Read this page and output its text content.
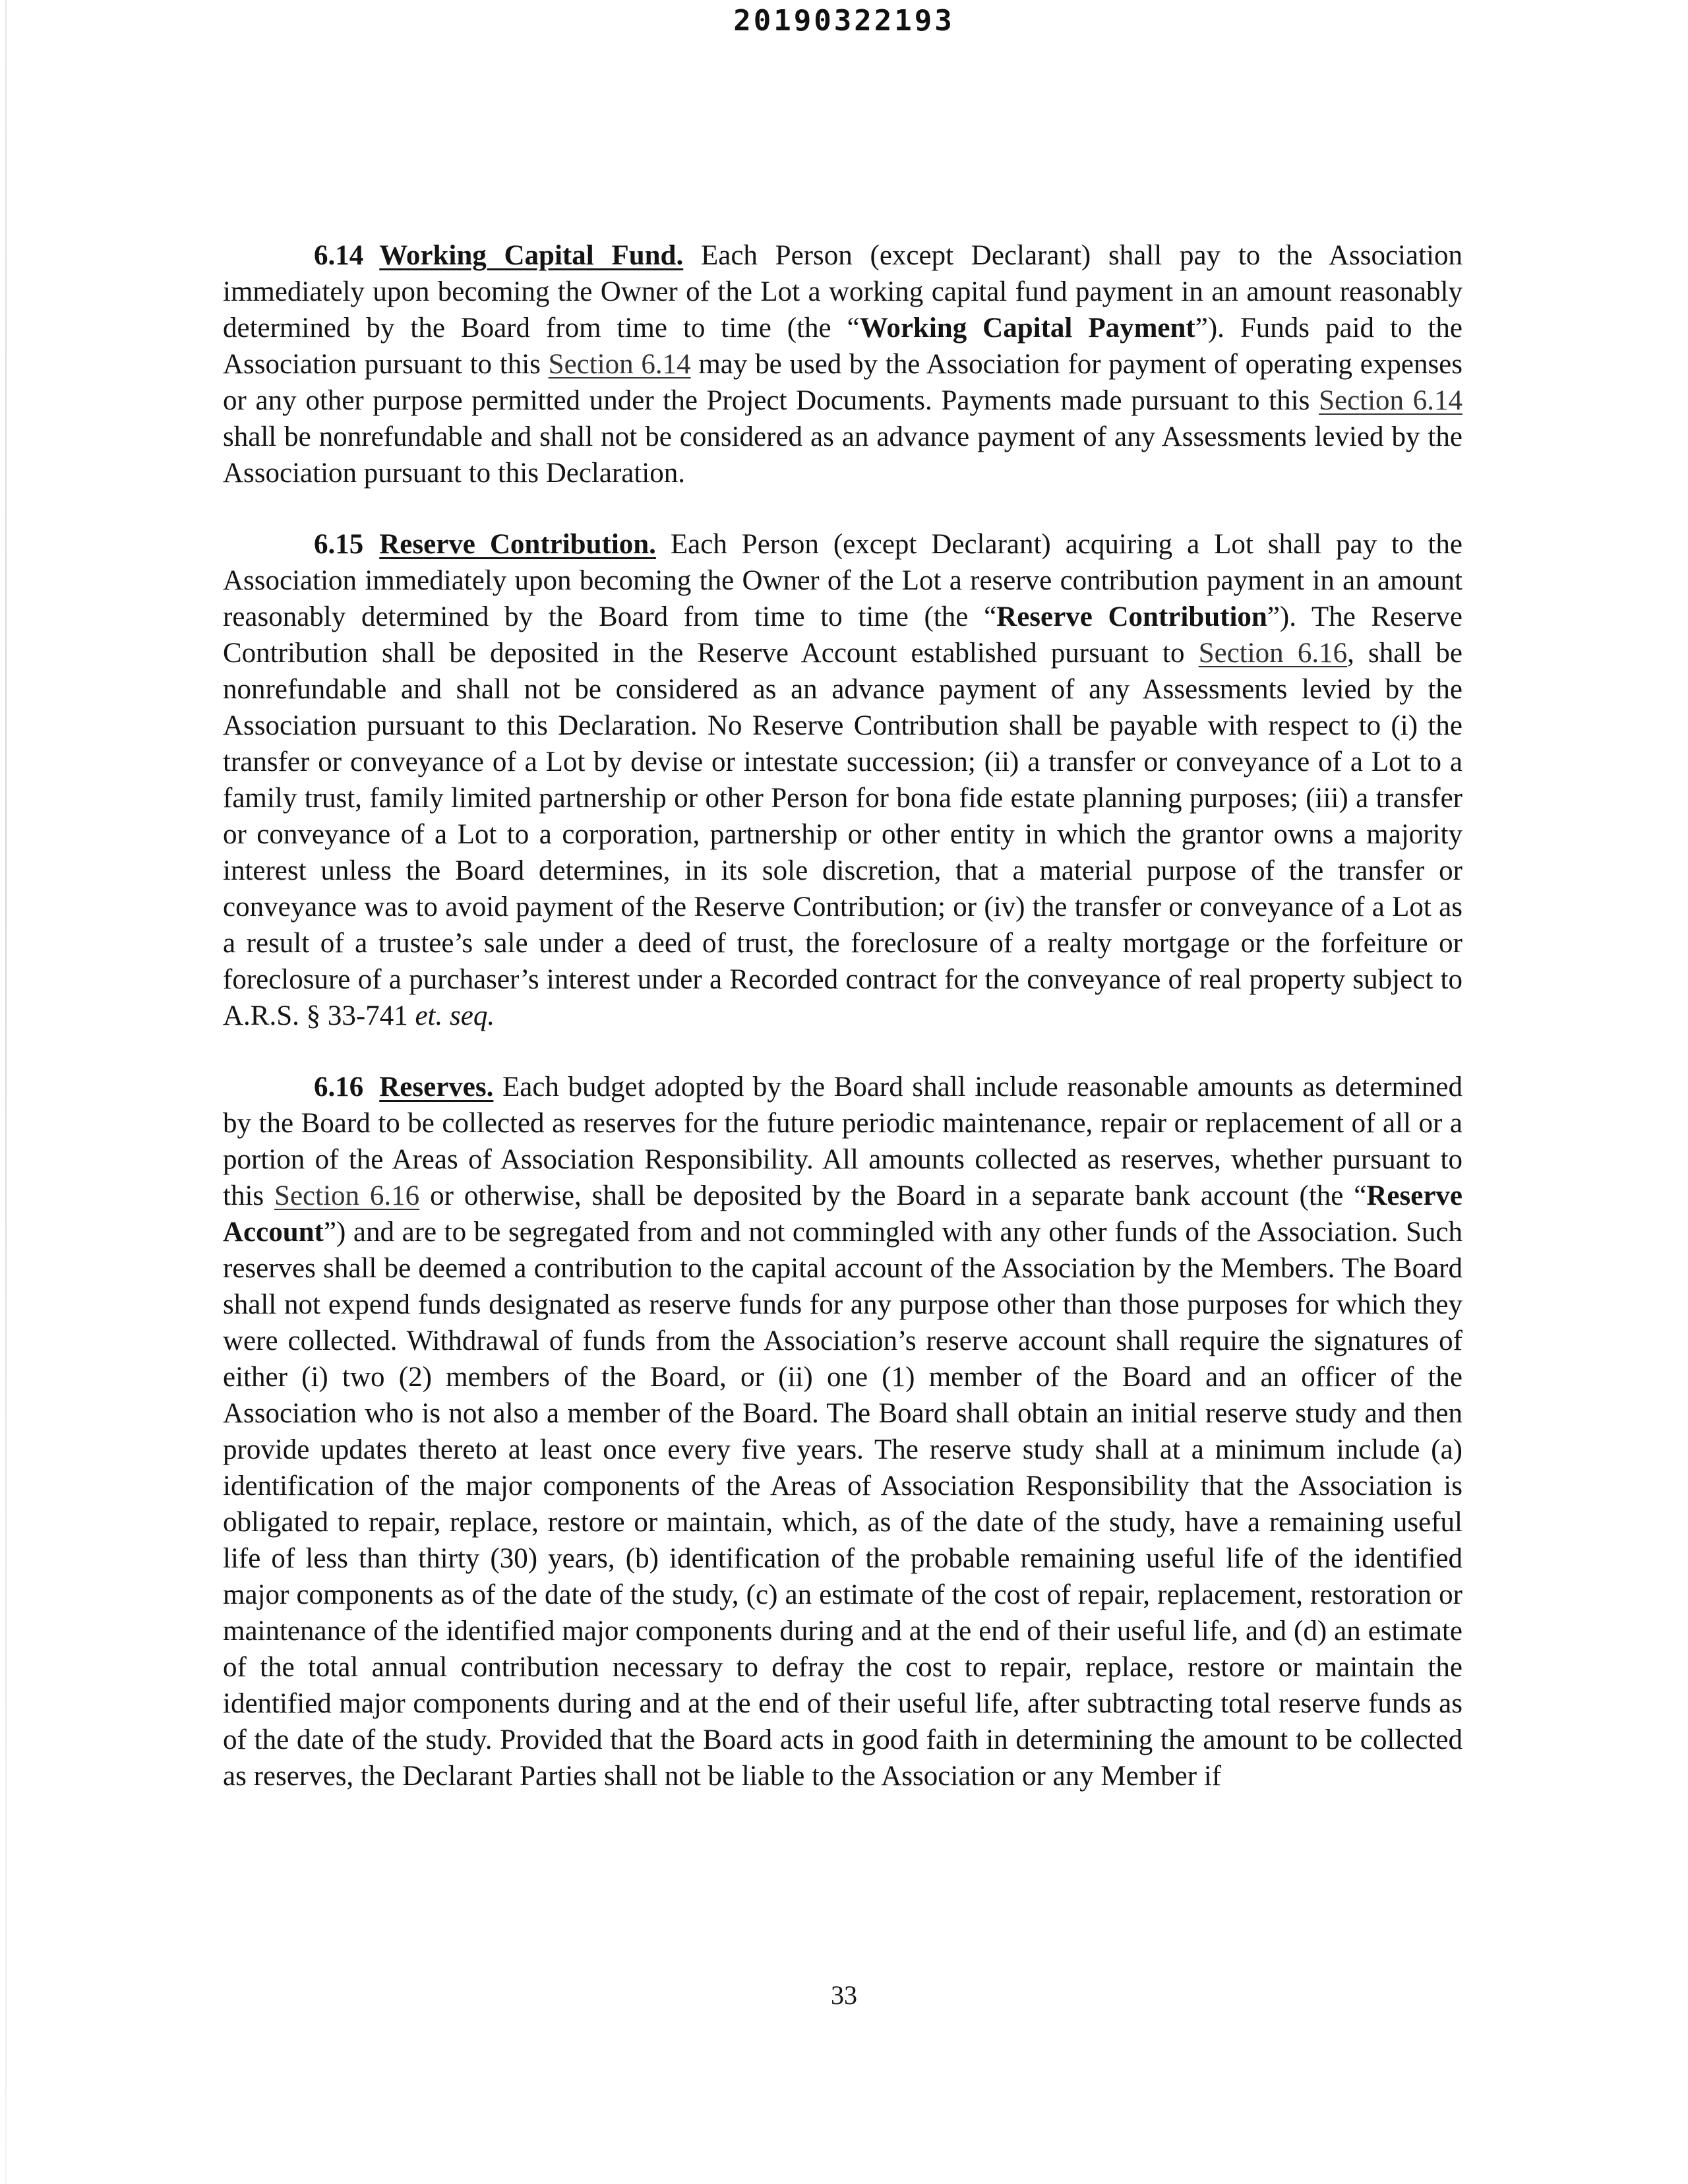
20190322193

6.14 Working Capital Fund. Each Person (except Declarant) shall pay to the Association immediately upon becoming the Owner of the Lot a working capital fund payment in an amount reasonably determined by the Board from time to time (the “Working Capital Payment”). Funds paid to the Association pursuant to this Section 6.14 may be used by the Association for payment of operating expenses or any other purpose permitted under the Project Documents. Payments made pursuant to this Section 6.14 shall be nonrefundable and shall not be considered as an advance payment of any Assessments levied by the Association pursuant to this Declaration.

6.15 Reserve Contribution. Each Person (except Declarant) acquiring a Lot shall pay to the Association immediately upon becoming the Owner of the Lot a reserve contribution payment in an amount reasonably determined by the Board from time to time (the “Reserve Contribution”). The Reserve Contribution shall be deposited in the Reserve Account established pursuant to Section 6.16, shall be nonrefundable and shall not be considered as an advance payment of any Assessments levied by the Association pursuant to this Declaration. No Reserve Contribution shall be payable with respect to (i) the transfer or conveyance of a Lot by devise or intestate succession; (ii) a transfer or conveyance of a Lot to a family trust, family limited partnership or other Person for bona fide estate planning purposes; (iii) a transfer or conveyance of a Lot to a corporation, partnership or other entity in which the grantor owns a majority interest unless the Board determines, in its sole discretion, that a material purpose of the transfer or conveyance was to avoid payment of the Reserve Contribution; or (iv) the transfer or conveyance of a Lot as a result of a trustee’s sale under a deed of trust, the foreclosure of a realty mortgage or the forfeiture or foreclosure of a purchaser’s interest under a Recorded contract for the conveyance of real property subject to A.R.S. § 33-741 et. seq.

6.16 Reserves. Each budget adopted by the Board shall include reasonable amounts as determined by the Board to be collected as reserves for the future periodic maintenance, repair or replacement of all or a portion of the Areas of Association Responsibility. All amounts collected as reserves, whether pursuant to this Section 6.16 or otherwise, shall be deposited by the Board in a separate bank account (the “Reserve Account”) and are to be segregated from and not commingled with any other funds of the Association. Such reserves shall be deemed a contribution to the capital account of the Association by the Members. The Board shall not expend funds designated as reserve funds for any purpose other than those purposes for which they were collected. Withdrawal of funds from the Association’s reserve account shall require the signatures of either (i) two (2) members of the Board, or (ii) one (1) member of the Board and an officer of the Association who is not also a member of the Board. The Board shall obtain an initial reserve study and then provide updates thereto at least once every five years. The reserve study shall at a minimum include (a) identification of the major components of the Areas of Association Responsibility that the Association is obligated to repair, replace, restore or maintain, which, as of the date of the study, have a remaining useful life of less than thirty (30) years, (b) identification of the probable remaining useful life of the identified major components as of the date of the study, (c) an estimate of the cost of repair, replacement, restoration or maintenance of the identified major components during and at the end of their useful life, and (d) an estimate of the total annual contribution necessary to defray the cost to repair, replace, restore or maintain the identified major components during and at the end of their useful life, after subtracting total reserve funds as of the date of the study. Provided that the Board acts in good faith in determining the amount to be collected as reserves, the Declarant Parties shall not be liable to the Association or any Member if

33
